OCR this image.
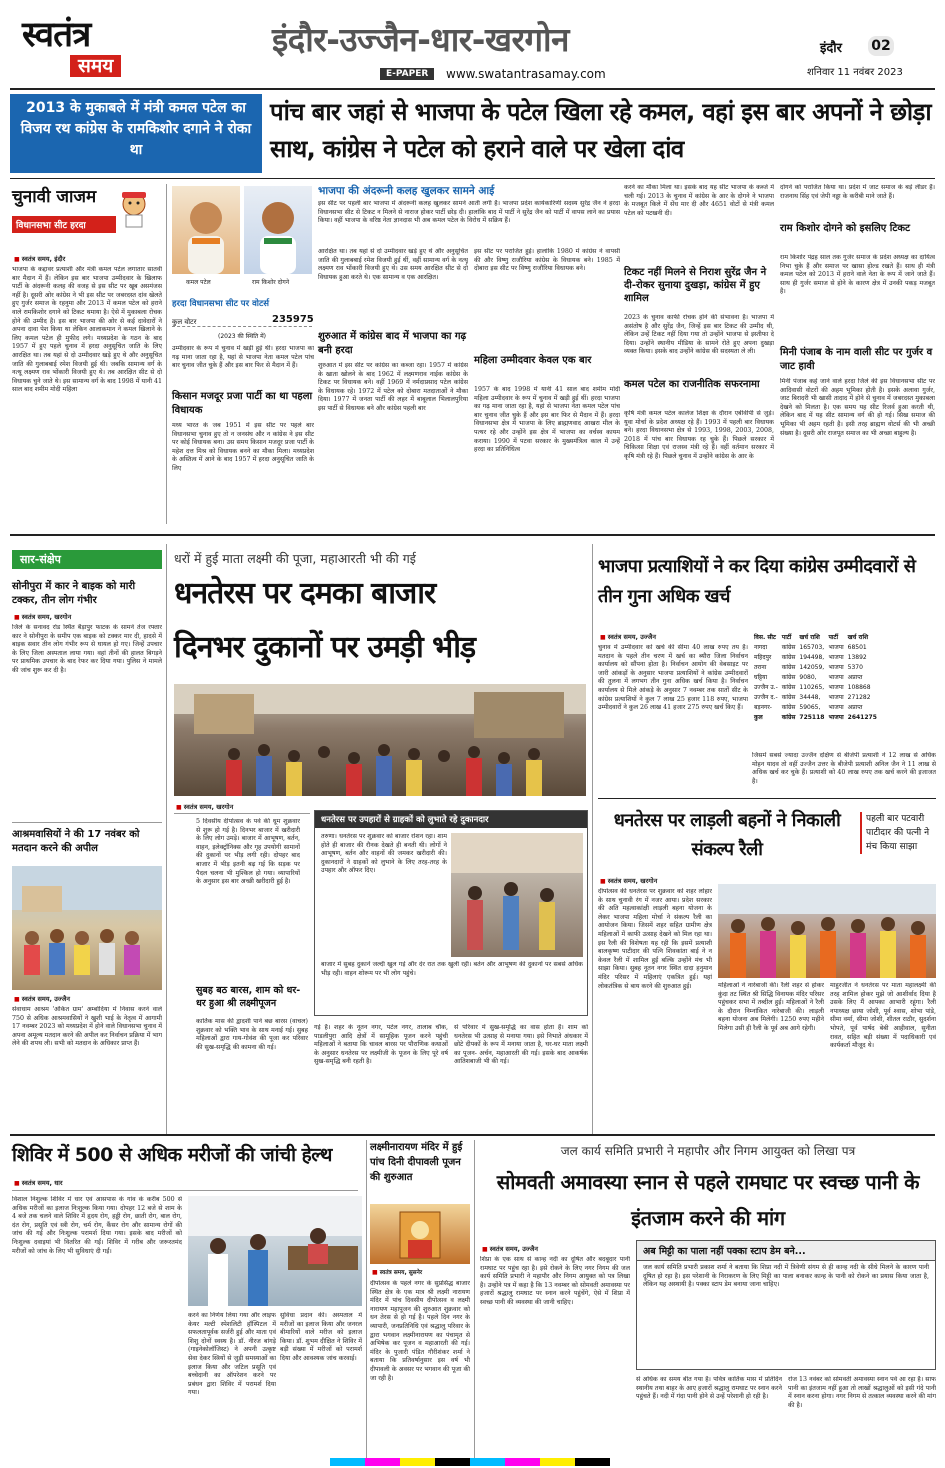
स्वतंत्र
समय
इंदौर-उज्जैन-धार-खरगोन
E-PAPER	www.swatantrasamay.com
इंदौर 02
शनिवार 11 नवंबर 2023
2013 के मुकाबले में मंत्री कमल पटेल का विजय रथ कांग्रेस के रामकिशोर दगाने ने रोका था
पांच बार जहां से भाजपा के पटेल खिला रहे कमल, वहां इस बार अपनों ने छोड़ा साथ, कांग्रेस ने पटेल को हराने वाले पर खेला दांव
चुनावी जाजम
विधानसभा सीट हरदा
■ स्वतंत्र समय, इंदौर
भाजपा के कद्दावर प्रत्याशी और मंत्री कमल पटेल लगातार सातवीं बार मैदान में हैं। लेकिन इस बार भाजपा उम्मीदवार के खिलाफ पार्टी के अंदरूनी कलह की वजह से इस सीट पर खूब असमंजस नहीं है। दूसरी ओर कांग्रेस ने भी इस सीट पर जबरदस्त दांव खेलते हुए गुर्जर समाज के रहनुमा और 2013 में कमल पटेल को हराने वाले रामकिशोर दगाने को टिकट थमाया है। ऐसे में मुकाबला रोचक होने की उम्मीद है। इस बार भाजपा की ओर से कई दावेदारों ने अपना दावा पेश किया था लेकिन आलाकमान ने कमल खिलाने के लिए कमल पटेल ही मुफीद लगे। मध्यप्रदेश के गठन के बाद 1957 में हुए पहले चुनाव में हरदा अनुसूचित जाति के लिए आरक्षित था। तब यहां से दो उम्मीदवार खड़े हुए थे और अनुसूचित जाति की गुलाबबाई रमेश विजयी हुई थी। जबकि सामान्य वर्ग के नत्थू लक्ष्मण राव भोंकारी विजयी हुए थे। तब आरक्षित सीट से दो विधायक चुने जाते थे। इस सामान्य वर्ग के बाद 1998 में यानी 41 साल बाद शमीम मोदी महिला
कमल पटेल	राम किशोर दोगने
हरदा विधानसभा सीट पर वोटर्स
कुल वोटर	235975
(2023 की स्थिति में)
उम्मीदवार के रूप में चुनाव में खड़ी हुई थीं। हरदा भाजपा का गढ़ माना जाता रहा है, यहां से भाजपा नेता कमल पटेल पांच बार चुनाव जीत चुके हैं और इस बार फिर से मैदान में हैं।
किसान मजदूर प्रजा पार्टी का था पहला विधायक
मध्य भारत के जब 1951 में इस सीट पर पहले बार विधानसभा चुनाव हुए तो न जनसंघ और न कांग्रेस ने इस सीट पर कोई विधायक बना। उस समय किसान मजदूर प्रजा पार्टी के महेश दत्त मिश्र को विधायक बनने का मौका मिला। मध्यप्रदेश के अस्तित्व में आने के बाद 1957 में हरदा अनुसूचित जाति के लिए
भाजपा की अंदरूनी कलह खुलकर सामने आई
इस सीट पर पहली बार भाजपा में अंदरूनी कलह खुलकर सामने आती लगी है। भाजपा प्रदेश कार्यकारिणी सदस्य सुरेंद्र जैन ने हरदा विधानसभा सीट से टिकट न मिलने से नाराज होकर पार्टी छोड़ दी। हालांकि बाद में पार्टी ने सुरेंद्र जैन को पार्टी में वापस लाने का प्रयास किया। वहीं भाजपा के वरिष्ठ नेता ज्ञानदास भी अब कमल पटेल के विरोध में सक्रिय हैं।
आरक्षित था। तब यहां से दो उम्मीदवार खड़े हुए थे और अनुसूचित जाति की गुलाबबाई रमेश विजयी हुई थीं, वहीं सामान्य वर्ग के नत्थू लक्ष्मण राव भोंकारी विजयी हुए थे। उस समय आरक्षित सीट से दो विधायक हुआ करते थे। एक सामान्य व एक आरक्षित।
शुरुआत में कांग्रेस बाद में भाजपा का गढ़ बनी हरदा
शुरुआत में इस सीट पर कांग्रेस का कब्जा रहा। 1957 में कांग्रेस के खाता खोलने के बाद 1962 में लक्ष्मणराव नाईक कांग्रेस के टिकट पर विधायक बने। वहीं 1969 में नर्मदाप्रसाद पटेल कांग्रेस के विधायक रहे। 1972 में पटेल को दोबारा मतदाताओं ने मौका दिया। 1977 में जनता पार्टी की लहर में बाबूलाल भिलालपुरिया इस पार्टी से विधायक बने और कांग्रेस पहली बार
इस सीट पर पराजित हुई। हालांकि 1980 में कांग्रेस ने वापसी की और विष्णु राजौरिया कांग्रेस के विधायक बने। 1985 में दोबारा इस सीट पर विष्णु राजौरिया विधायक बने।
महिला उम्मीदवार केवल एक बार
1957 के बाद 1998 में यानी 41 साल बाद शमीम मोदी महिला उम्मीदवार के रूप में चुनाव में खड़ी हुई थीं। हरदा भाजपा का गढ़ माना जाता रहा है, यहां से भाजपा नेता कमल पटेल पांच बार चुनाव जीत चुके हैं और इस बार फिर से मैदान में हैं। हरदा विधानसभा क्षेत्र में भाजपा के लिए ब्राह्मणवाद आखरा मील के पत्थर रहे और उन्होंने इस क्षेत्र में भाजपा का वर्चस्व कायम कराया। 1990 में पटवा सरकार के मुख्यमंत्रित्व काल में उन्हें हरदा का प्रतिनिधित्व
करने का मौका मिला था। इसके बाद यह सीट भाजपा के कब्जे में चली गई। 2013 के चुनाव में कांग्रेस के आर के दोगने ने भाजपा के मजबूत किले में सेंध मार दी और 4651 वोटों से मंत्री कमल पटेल को पटखनी दी।
टिकट नहीं मिलने से निराश सुरेंद्र जैन ने दी-रोकर सुनाया दुखड़ा, कांग्रेस में हुए शामिल
2023 के चुनाव काफी रोचक होने की संभावना है। भाजपा में असंतोष है और सुरेंद्र जैन, जिन्हें इस बार टिकट की उम्मीद थी, लेकिन उन्हें टिकट नहीं दिया गया तो उन्होंने भाजपा से इस्तीफा दे दिया। उन्होंने स्थानीय मीडिया के सामने रोते हुए अपना दुखड़ा व्यक्त किया। इसके बाद उन्होंने कांग्रेस की सदस्यता ले ली।
कमल पटेल का राजनीतिक सफरनामा
कृषि मंत्री कमल पटेल कालेज शिक्षा के दौरान एबीवीपी से जुड़े। युवा मोर्चा के प्रदेश अध्यक्ष रहे हैं। 1993 में पहली बार विधायक बने। हरदा विधानसभा क्षेत्र से 1993, 1998, 2003, 2008, 2018 में पांच बार विधायक रह चुके हैं। पिछले सरकार में चिकित्सा शिक्षा एवं राजस्व मंत्री रहे हैं। वहीं वर्तमान सरकार में कृषि मंत्री रहे हैं। पिछले चुनाव में उन्होंने कांग्रेस के आर के
दोगने को पराजित किया था। प्रदेश में जाट समाज के बड़े लीडर हैं। राजनाथ सिंह एवं जेपी नड्डा के करीबी माने जाते हैं।
राम किशोर दोगने को इसलिए टिकट
राम किशोर पंद्रह साल तक गुर्जर समाज के प्रदेश अध्यक्ष का दायित्व निभा चुके हैं और समाज पर खासा होल्ड रखते हैं। साथ ही मंत्री कमल पटेल को 2013 में हराने वाले नेता के रूप में जाने जाते हैं। साथ ही गुर्जर समाज से होने के कारण क्षेत्र में उनकी पकड़ मजबूत है।
मिनी पंजाब के नाम वाली सीट पर गुर्जर व जाट हावी
मिनी पंजाब कहे जाने वाले हरदा जिले की इस विधानसभा सीट पर आदिवासी वोटरों की अहम भूमिका होती है। इसके अलावा गुर्जर, जाट बिरादरी भी खासी तादाद में होने से चुनाव में जबरदस्त मुकाबला देखने को मिलता है। एक समय यह सीट रिजर्व हुआ करती थी, लेकिन बाद में यह सीट सामान्य वर्ग की हो गई। सिख समाज की भूमिका भी अहम रहती है। इसी तरह ब्राह्मण वोटर्स की भी अच्छी संख्या है। दूसरी ओर राजपूत समाज का भी अच्छा बाहुल्य है।
सार-संक्षेप
सोनीपुरा में कार ने बाइक को मारी टक्कर, तीन लोग गंभीर
■ स्वतंत्र समय, खरगोन
जिले के सनावद रोड स्थित बैड़ापुर फाटक के सामने तेज रफ्तार कार ने सोनीपुरा के समीप एक बाइक को टक्कर मार दी, हादसे में बाइक सवार तीन लोग गंभीर रूप से घायल हो गए। जिन्हें उपचार के लिए जिला अस्पताल लाया गया। वहां तीनों की हालत बिगड़ने पर प्राथमिक उपचार के बाद रेफर कर दिया गया। पुलिस ने मामले की जांच शुरू कर दी है।
आश्रमवासियों ने की 17 नवंबर को मतदान करने की अपील
■ स्वतंत्र समय, उज्जैन
सेवाधाम आश्रम 'अंकित ग्राम' अम्बोदिया में निवास करने वाले 750 से अधिक आश्रमवासियों ने खुशी भाई के नेतृत्व में आगामी 17 नवम्बर 2023 को मध्यप्रदेश में होने वाले विधानसभा चुनाव में अपना अमूल्य मतदान करने की अपील कर निर्वाचन प्रक्रिया में भाग लेने की शपथ ली। सभी को मतदान के अधिकार प्राप्त हैं।
धरों में हुई माता लक्ष्मी की पूजा, महाआरती भी की गई
धनतेरस पर दमका बाजार
दिनभर दुकानों पर उमड़ी भीड़
■ स्वतंत्र समय, खरगोन
5 दिवसीय दीपोत्सव के पर्व की धूम शुक्रवार से शुरू हो गई है। दिनभर बाजार में खरीदारी के लिए लोग उमड़े। बाजार में आभूषण, बर्तन, वाहन, इलेक्ट्रॉनिक्स और गृह उपयोगी सामानों की दुकानों पर भीड़ लगी रही। दोपहर बाद बाजार में भीड़ इतनी बढ़ गई कि सड़क पर पैदल चलना भी मुश्किल हो गया। व्यापारियों के अनुसार इस बार अच्छी खरीदारी हुई है।
सुबह बठ बारस, शाम को धर-धर हुआ श्री लक्ष्मीपूजन
कार्तिक मास की द्वादशी पाने बछ बारस (वाचल) शुक्रवार को भक्ति भाव के साथ मनाई गई। सुबह महिलाओं द्वारा गाय-गोवंश की पूजा कर परिवार की सुख-समृद्धि की कामना की गई।
धनतेरस पर उपहारों से ग्राहकों को लुभाते रहे दुकानदार
तरुणा। धनतेरस पर शुक्रवार को बाजार रोशन रहा। शाम होते ही बाजार की रौनक देखते ही बनती थी। लोगों ने आभूषण, बर्तन और वाहनों की जमकर खरीदारी की। दुकानदारों ने ग्राहकों को लुभाने के लिए तरह-तरह के उपहार और ऑफर दिए।
बाजार में सुबह दुकानें जल्दी खुल गई और देर रात तक खुली रहीं। बर्तन और आभूषण की दुकानों पर सबसे अधिक भीड़ रही। वाहन शोरूम पर भी लोग पहुंचे।
गई है। शहर के नूतन नगर, पटेल नगर, तालाब चौक, पाडलीपुरा आदि क्षेत्रों में सामूहिक पूजन करने पहुंची महिलाओं ने बताया कि चावल बारस पर पौराणिक कथाओं के अनुसार धनतेरस पर लक्ष्मीजी के पूजन के लिए पूरे वर्ष सुख-समृद्धि बनी रहती है।
से परिवार में सुख-समृद्धि का वास होता है। शाम को धनतेरस भी उत्साह से मनाया गया। इसे निभाते अंधकार में छोटे दीपकों के रूप में मनाया जाता है, घर-घर माता लक्ष्मी का पूजन- अर्चन, महाआरती की गई। इसके बाद आकर्षक आतिशबाजी भी की गई।
भाजपा प्रत्याशियों ने कर दिया कांग्रेस उम्मीदवारों से तीन गुना अधिक खर्च
■ स्वतंत्र समय, उज्जैन
चुनाव में उम्मीदवार को खर्च की सीमा 40 लाख रुपए तय है। मतदान के पहले तीन चरण में खर्च का ब्यौरा जिला निर्वाचन कार्यालय को सौंपना होता है। निर्वाचन आयोग की वेबसाइट पर जारी आंकड़ों के अनुसार भाजपा प्रत्याशियों ने कांग्रेस उम्मीदवारों की तुलना में लगभग तीन गुना अधिक खर्च किया है। निर्वाचन कार्यालय से मिले आंकड़े के अनुसार 7 नवम्बर तक सातों सीट के कांग्रेस प्रत्याशियों ने कुल 7 लाख 25 हजार 118 रुपए, भाजपा उम्मीदवारों ने कुल 26 लाख 41 हजार 275 रुपए खर्च किए हैं।
विस. सीट	पार्टी	खर्च राशि	पार्टी	खर्च राशि
नागदा	कांग्रेस	165703,	भाजपा	68501
महिदपुर	कांग्रेस	194498,	भाजपा	13892
तराना	कांग्रेस	142059,	भाजपा	5370
घट्टिया	कांग्रेस	9080,	भाजपा	अप्राप्त
उज्जैन उ.-	कांग्रेस	110265,	भाजपा	108868
उज्जैन द.-	कांग्रेस	34448,	भाजपा	271282
बड़नगर-	कांग्रेस	59065,	भाजपा	अप्राप्त
कुल	कांग्रेस	725118	भाजपा	2641275
जिसमें सबसे ज्यादा उज्जैन दक्षिण से बीजेपी प्रत्याशी ने 12 लाख से अधिक मोहन यादव तो वहीं उज्जैन उत्तर के बीजेपी प्रत्याशी अनिल जैन ने 11 लाख से अधिक खर्च कर चुके हैं। प्रत्याशी को 40 लाख रुपए तक खर्च करने की इजाजत है।
धनतेरस पर लाड़ली बहनों ने निकाली संकल्प रैली
पहली बार पटवारी पाटीदार की पत्नी ने मंच किया साझा
■ स्वतंत्र समय, खरगोन
दीपोत्सव की धनतेरस पर शुक्रवार को शहर लोहार के साथ चुनावी रंग में नजर आया। प्रदेश सरकार की अति महत्वाकांक्षी लाड़ली बहना योजना के लेकर भाजपा महिला मोर्चा ने संकल्प रैली का आयोजन किया। जिसमें शहर सहित ग्रामीण क्षेत्र महिलाओं में काफी उत्साह देखने को मिल रहा था। इस रैली की विशेषता यह रही कि इसमें प्रत्याशी बालकृष्ण पाटीदार की पत्नि शिवकांता बाई ने न केवल रैली में शामिल हुईं बल्कि उन्होंने मंच भी साझा किया। सुबह नूतन नगर स्थित दादा हनुमान मंदिर परिसर में महिलाएं एकत्रित हुई। यहां लोकतंत्रिक से बाय करने की शुरुआत हुई।	महिलाओं ने नारेबाजी की। रैली शहर से होकर कुंदा तट स्थित श्री सिद्धि विनायक मंदिर परिसर पहुंचकर सभा में तब्दील हुई। महिलाओं ने रैली के दौरान निम्नांकित नारेबाजी की। लाड़ली बहना योजना अब मिलेगी। 1250 रुपए महीने मिलेगा उसी ही रैली के पूर्व अब आगे रहेगी।
माहुरजीत ने धनतेरस पर माता महालक्ष्मी की तरह शामिल होकर मुझे जो आशीर्वाद दिया है उसके लिए मैं आपका आभारी रहूंगा। रैली नपाध्यक्ष छाया जोशी, पूर्व श्वास, शोभा पांडे, सीमा वर्मा, सीमा जोशी, शीतल राठौर, सुदर्शना भोपते, पूर्व पार्षद बेबी आहीवाल, सुनीता रावत, सहित बड़ी संख्या में पदाधिकारी एवं कार्यकर्ता मौजूद थे।
शिविर में 500 से अधिक मरीजों की जांची हेल्थ
■ स्वतंत्र समय, धार
विशाल निशुल्क शिविर में धार एवं आसपास के गांव के करीब 500 से अधिक मरीजों का इलाज निःशुल्क किया गया। दोपहर 12 बजे से शाम के 4 बजे तक चलने वाले शिविर में हृदय रोग, हड्डी रोग, छाती रोग, बाल रोग, दंत रोग, प्रसूति एवं स्त्री रोग, चर्म रोग, कैंसर रोग और सामान्य रोगों की जांच की गई और निःशुल्क परामर्श दिया गया। इसके बाद मरीजों को निःशुल्क दवाइयां भी वितरित की गईं। शिविर में गरीब और जरूरतमंद मरीजों को जांच के लिए भी सुविधाएं दी गईं।
करने का निर्णय लिया गया और लाइफ केयर मल्टी स्पेशलिटी हॉस्पिटल में सफलतापूर्वक सर्जरी हुई और माता एवं शिशु दोनों स्वस्थ है। डॉ. नीरज बांगड़े (गाइनेकोलॉजिस्ट) ने अपनी उत्कृष्ट सेवा देकर स्त्रियों से जुड़ी समस्याओं का इलाज किया और जटिल प्रसूति एवं बच्चेदानी का ऑपरेशन करने पर प्रबंधन द्वारा शिविर में परामर्श दिया गया।
सुविधा प्रदान की। अस्पताल में मरीजों का इलाज किया और जनरल बीमारियों वाले मरीज को इलाज किया। डॉ. शुभम दीक्षित ने शिविर में बड़ी संख्या में मरीजों को परामर्श दिया और आवश्यक जांच करवाई।
लक्ष्मीनारायण मंदिर में हुई पांच दिनी दीपावली पूजन की शुरुआत
■ स्वतंत्र समय, सुसनेर
दीपोत्सव के पहले नगर के सुप्रसिद्ध बाजार स्थित क्षेत्र के एक मात्र श्री लक्ष्मी नारायण मंदिर में पांच दिवसीय दीपोत्सव व लक्ष्मी नारायण महापूजन की शुरुआत शुक्रवार को धन तेरस से हो गई है। पहले दिन नगर के व्यापारी, जनप्रतिनिधि एवं श्रद्धालु परिवार के द्वारा भगवान लक्ष्मीनारायण का पंचामृत से अभिषेक कर पूजन व महाआरती की गई। मंदिर के पुजारी पंडित गौरीशंकर शर्मा ने बताया कि प्रतिवर्षानुसार इस वर्ष भी दीपावली के अवसर पर भगवान की पूजा की जा रही है।
जल कार्य समिति प्रभारी ने महापौर और निगम आयुक्त को लिखा पत्र
सोमवती अमावस्या स्नान से पहले रामघाट पर स्वच्छ पानी के इंतजाम करने की मांग
■ स्वतंत्र समय, उज्जैन
शिप्रा के एक साथ से कान्ह नदी का दूषित और बदबूदार पानी रामघाट पर पहुंच रहा है। इसे रोकने के लिए नगर निगम की जल कार्य समिति प्रभारी ने महापौर और निगम आयुक्त को पत्र लिखा है। उन्होंने पत्र में कहा है कि 13 नवम्बर को सोमवती अमावस्या पर हजारों श्रद्धालु रामघाट पर स्नान करने पहुंचेंगे, ऐसे में शिप्रा में स्वच्छ पानी की व्यवस्था की जानी चाहिए।
अब मिट्टी का पाला नहीं पक्का स्टाप डेम बने...
जल कार्य समिति प्रभारी प्रकाश शर्मा ने बताया कि शिप्रा नदी में त्रिवेणी संगम से ही कान्ह नदी के सीधे मिलने के कारण पानी दूषित हो रहा है। इस परेशानी के निराकरण के लिए मिट्टी का पाला बनाकर कान्ह के पानी को रोकने का प्रयास किया जाता है, लेकिन यह अस्थायी है। पक्का स्टाप डेम बनाया जाना चाहिए।
से अधिक का समय बीत गया है। पवित्र कार्तिक मास में प्रतिदिन स्थानीय तथा बाहर के आए हजारों श्रद्धालु रामघाट पर स्नान करने पहुंचते हैं। नदी में गंदा पानी होने से उन्हें परेशानी हो रही है।
रोज 13 नवंबर को सोमवती अमावस्या स्नान पर्व आ रहा है। साफ पानी का इंतजाम नहीं हुआ तो लाखों श्रद्धालुओं को इसी गंदे पानी में स्नान करना होगा। नगर निगम से तत्काल व्यवस्था करने की मांग की है।
